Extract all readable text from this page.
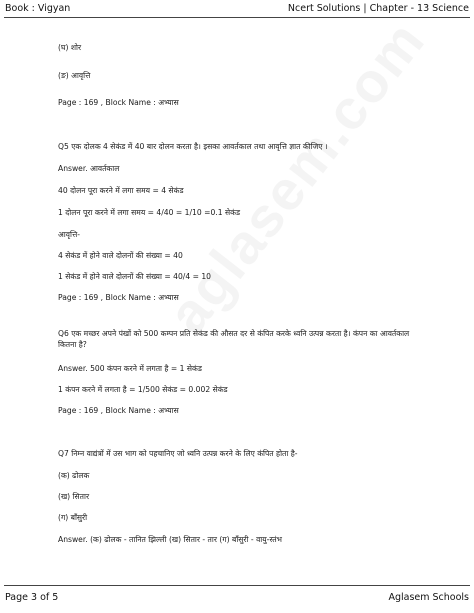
Book : Vigyan	Ncert Solutions | Chapter - 13 Science
(घ) शोर
(ङ) आवृत्ति
Page : 169 , Block Name : अभ्यास
Q5 एक दोलक 4 सेकंड में 40 बार दोलन करता है। इसका आवर्तकाल तथा आवृत्ति ज्ञात कीजिए ।
Answer. आवर्तकाल
40 दोलन पूरा करने में लगा समय = 4 सेकंड
1 दोलन पूरा करने में लगा समय = 4/40 = 1/10 =0.1 सेकंड
आवृत्ति-
4 सेकंड में होने वाले दोलनों की संख्या = 40
1 सेकंड में होने वाले दोलनों की संख्या = 40/4 = 10
Page : 169 , Block Name : अभ्यास
Q6 एक मच्छर अपने पंखों को 500 कम्पन प्रति सेकंड की औसत दर से कंपित करके ध्वनि उत्पन्न करता है। कंपन का आवर्तकाल कितना है?
Answer. 500 कंपन करने में लगता है = 1 सेकंड
1 कंपन करने में लगता है = 1/500 सेकंड = 0.002 सेकंड
Page : 169 , Block Name : अभ्यास
Q7 निम्न वाद्यंत्रों में उस भाग को पहचानिए जो ध्वनि उत्पन्न करने के लिए कंपित होता है-
(क) ढोलक
(ख) सितार
(ग) बाँसुरी
Answer. (क) ढोलक - तानित झिल्ली (ख) सितार - तार (ग) बाँसुरी - वायु-स्तंभ
Page 3 of 5	Aglasem Schools
